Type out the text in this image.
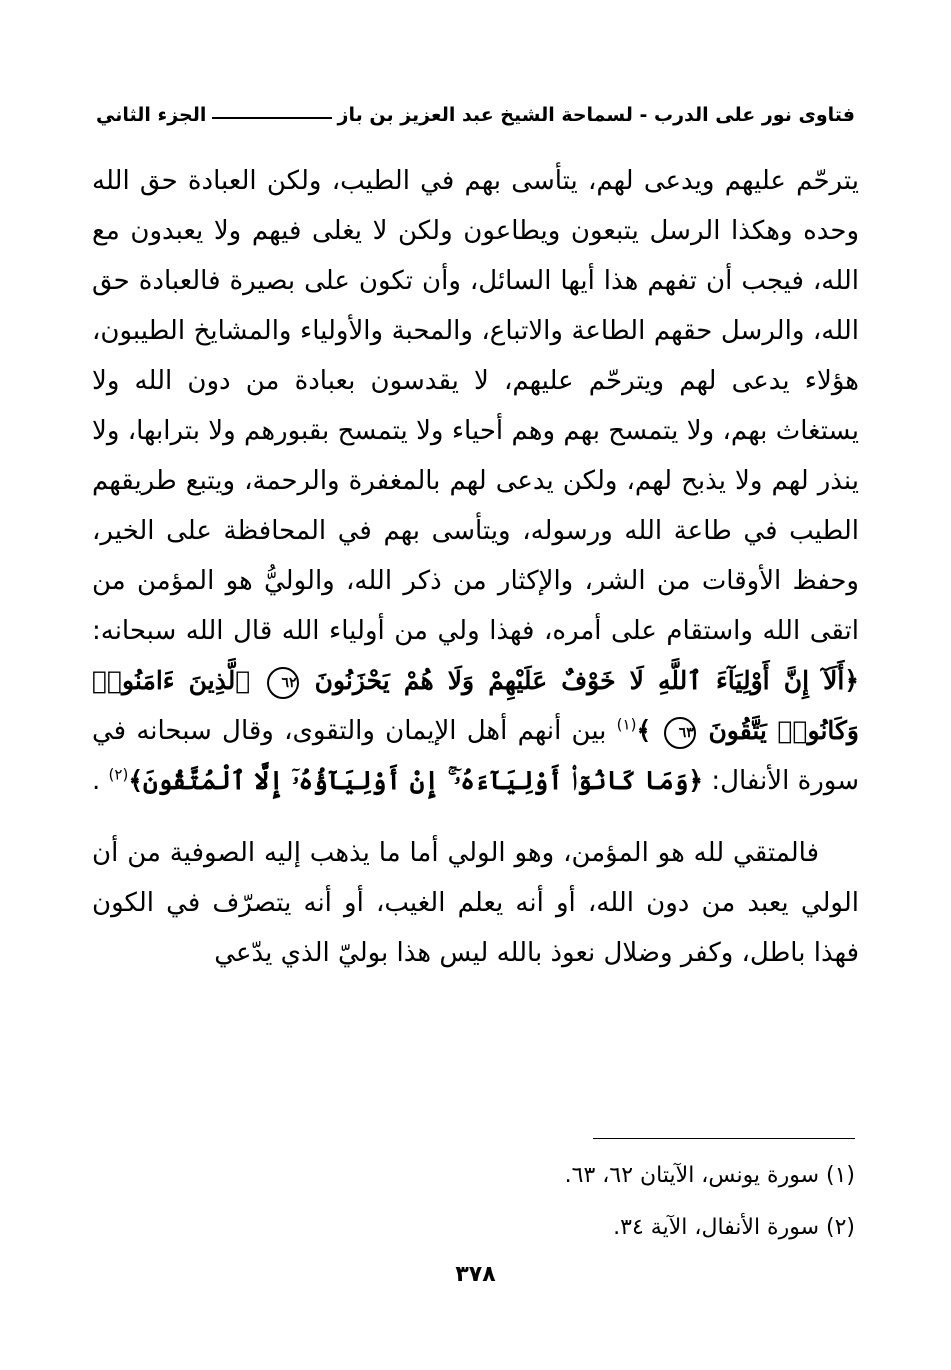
فتاوى نور على الدرب - لسماحة الشيخ عبد العزيز بن باز
الجزء الثاني

يترحّم عليهم ويدعى لهم، يتأسى بهم في الطيب، ولكن العبادة حق الله وحده وهكذا الرسل يتبعون ويطاعون ولكن لا يغلى فيهم ولا يعبدون مع الله، فيجب أن تفهم هذا أيها السائل، وأن تكون على بصيرة فالعبادة حق الله، والرسل حقهم الطاعة والاتباع، والمحبة والأولياء والمشايخ الطيبون، هؤلاء يدعى لهم ويترحّم عليهم، لا يقدسون بعبادة من دون الله ولا يستغاث بهم، ولا يتمسح بهم وهم أحياء ولا يتمسح بقبورهم ولا بترابها، ولا ينذر لهم ولا يذبح لهم، ولكن يدعى لهم بالمغفرة والرحمة، ويتبع طريقهم الطيب في طاعة الله ورسوله، ويتأسى بهم في المحافظة على الخير، وحفظ الأوقات من الشر، والإكثار من ذكر الله، والوليُّ هو المؤمن من اتقى الله واستقام على أمره، فهذا ولي من أولياء الله قال الله سبحانه: ﴿أَلَآ إِنَّ أَوْلِيَآءَ ٱللَّهِ لَا خَوْفٌ عَلَيْهِمْ وَلَا هُمْ يَحْزَنُونَ ٦٢ ٱلَّذِينَ ءَامَنُوا۟ وَكَانُوا۟ يَتَّقُونَ ٦٣ ﴾$^{(١)}$ بين أنهم أهل الإيمان والتقوى، وقال سبحانه في سورة الأنفال: ﴿وَمَا كَانُوٓا۟ أَوْلِيَآءَهُۥٓ ۚ إِنْ أَوْلِيَآؤُهُۥٓ إِلَّا ٱلْمُتَّقُونَ﴾$^{(٢)}$ .

فالمتقي لله هو المؤمن، وهو الولي أما ما يذهب إليه الصوفية من أن الولي يعبد من دون الله، أو أنه يعلم الغيب، أو أنه يتصرّف في الكون فهذا باطل، وكفر وضلال نعوذ بالله ليس هذا بوليّ الذي يدّعي

(١) سورة يونس، الآيتان ٦٢، ٦٣.
(٢) سورة الأنفال، الآية ٣٤.
٣٧٨
